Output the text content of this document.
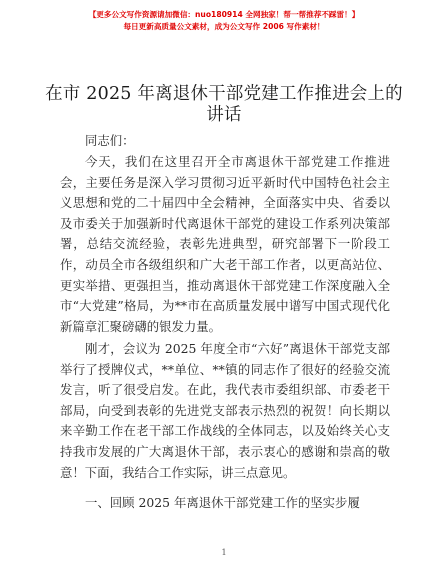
【更多公文写作资源请加微信：nuo180914 全网独家！帮一帮推荐不踩雷！】
每日更新高质量公文素材，成为公文写作 2006 写作素材！
在市 2025 年离退休干部党建工作推进会上的讲话
同志们：
今天，我们在这里召开全市离退休干部党建工作推进会，主要任务是深入学习贯彻习近平新时代中国特色社会主义思想和党的二十届四中全会精神，全面落实中央、省委以及市委关于加强新时代离退休干部党的建设工作系列决策部署，总结交流经验，表彰先进典型，研究部署下一阶段工作，动员全市各级组织和广大老干部工作者，以更高站位、更实举措、更强担当，推动离退休干部党建工作深度融入全市“大党建”格局，为**市在高质量发展中谱写中国式现代化新篇章汇聚磅礴的银发力量。
刚才，会议为 2025 年度全市“六好”离退休干部党支部举行了授牌仪式，**单位、**镇的同志作了很好的经验交流发言，听了很受启发。在此，我代表市委组织部、市委老干部局，向受到表彰的先进党支部表示热烈的祝贺！向长期以来辛勤工作在老干部工作战线的全体同志，以及始终关心支持我市发展的广大离退休干部，表示衷心的感谢和崇高的敬意！下面，我结合工作实际，讲三点意见。
一、回顾 2025 年离退休干部党建工作的坚实步履
1
